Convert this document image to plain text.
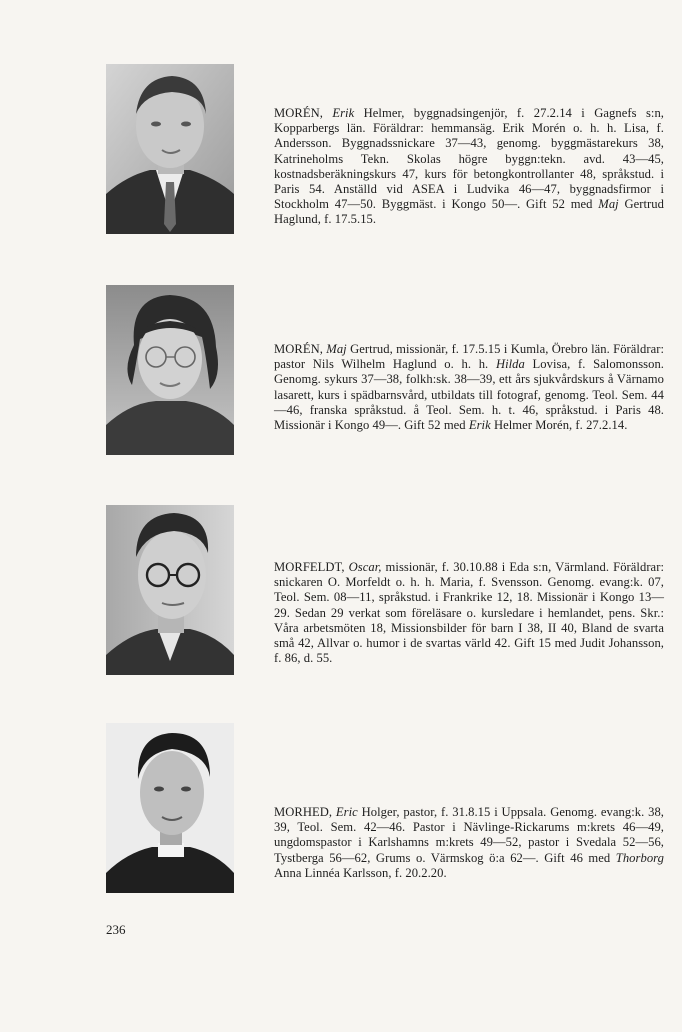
MORÉN, Erik Helmer, byggnadsingenjör, f. 27.2.14 i Gagnefs s:n, Kopparbergs län. Föräldrar: hemmansäg. Erik Morén o. h. h. Lisa, f. Andersson. Byggnadssnickare 37—43, genomg. byggmästarekurs 38, Katrineholms Tekn. Skolas högre byggn:tekn. avd. 43—45, kostnadsberäkningskurs 47, kurs för betongkontrollanter 48, språkstud. i Paris 54. Anställd vid ASEA i Ludvika 46—47, byggnadsfirmor i Stockholm 47—50. Byggmäst. i Kongo 50—. Gift 52 med Maj Gertrud Haglund, f. 17.5.15.
MORÉN, Maj Gertrud, missionär, f. 17.5.15 i Kumla, Örebro län. Föräldrar: pastor Nils Wilhelm Haglund o. h. h. Hilda Lovisa, f. Salomonsson. Genomg. sykurs 37—38, folkh:sk. 38—39, ett års sjukvårdskurs å Värnamo lasarett, kurs i spädbarnsvård, utbildats till fotograf, genomg. Teol. Sem. 44—46, franska språkstud. å Teol. Sem. h. t. 46, språkstud. i Paris 48. Missionär i Kongo 49—. Gift 52 med Erik Helmer Morén, f. 27.2.14.
MORFELDT, Oscar, missionär, f. 30.10.88 i Eda s:n, Värmland. Föräldrar: snickaren O. Morfeldt o. h. h. Maria, f. Svensson. Genomg. evang:k. 07, Teol. Sem. 08—11, språkstud. i Frankrike 12, 18. Missionär i Kongo 13—29. Sedan 29 verkat som föreläsare o. kursledare i hemlandet, pens. Skr.: Våra arbetsmöten 18, Missionsbilder för barn I 38, II 40, Bland de svarta små 42, Allvar o. humor i de svartas värld 42. Gift 15 med Judit Johansson, f. 86, d. 55.
MORHED, Eric Holger, pastor, f. 31.8.15 i Uppsala. Genomg. evang:k. 38, 39, Teol. Sem. 42—46. Pastor i Nävlinge-Rickarums m:krets 46—49, ungdomspastor i Karlshamns m:krets 49—52, pastor i Svedala 52—56, Tystberga 56—62, Grums o. Värmskog ö:a 62—. Gift 46 med Thorborg Anna Linnéa Karlsson, f. 20.2.20.
236
